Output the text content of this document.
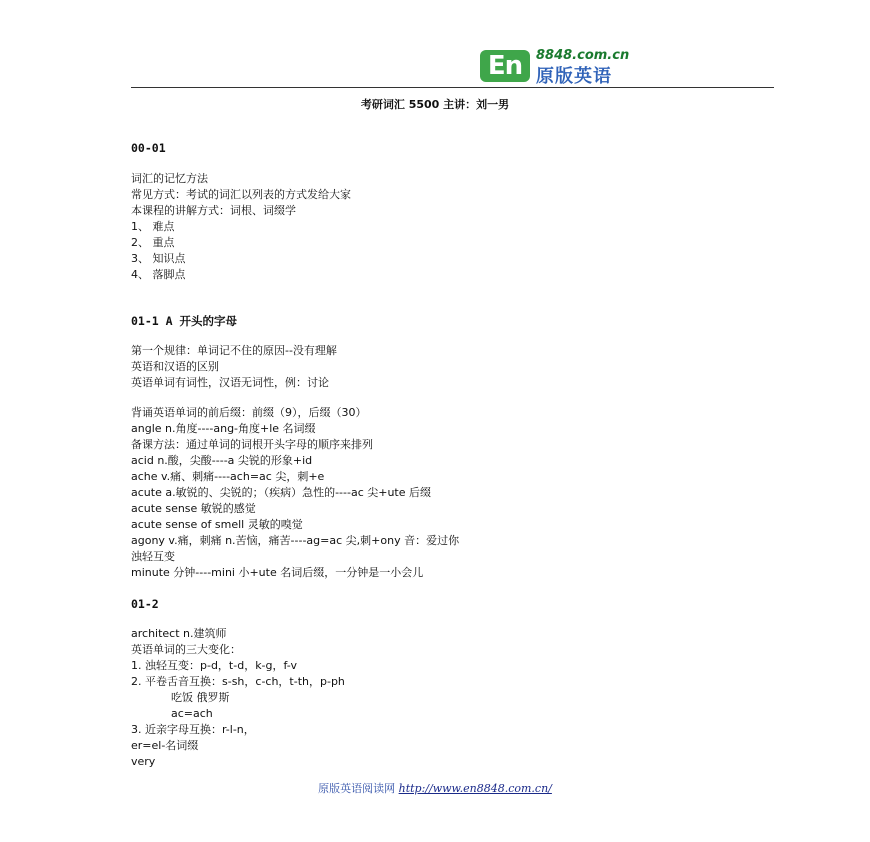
En	8848.com.cn
原版英语
考研词汇 5500 主讲：刘一男
00-01
词汇的记忆方法
常见方式：考试的词汇以列表的方式发给大家
本课程的讲解方式：词根、词缀学
1、 难点
2、 重点
3、 知识点
4、 落脚点
01-1 A 开头的字母
第一个规律：单词记不住的原因--没有理解
英语和汉语的区别
英语单词有词性，汉语无词性，例：讨论
背诵英语单词的前后缀：前缀（9），后缀（30）
angle n.角度----ang-角度+le 名词缀
备课方法：通过单词的词根开头字母的顺序来排列
acid n.酸，尖酸----a 尖锐的形象+id
ache v.痛、刺痛----ach=ac 尖，刺+e
acute a.敏锐的、尖锐的；（疾病）急性的----ac 尖+ute 后缀
acute sense 敏锐的感觉
acute sense of smell 灵敏的嗅觉
agony v.痛，刺痛 n.苦恼，痛苦----ag=ac 尖,刺+ony 音：爱过你
浊轻互变
minute 分钟----mini 小+ute 名词后缀，一分钟是一小会儿
01-2
architect n.建筑师
英语单词的三大变化：
1. 浊轻互变：p-d，t-d，k-g，f-v
2. 平卷舌音互换：s-sh，c-ch，t-th，p-ph
吃饭 俄罗斯
ac=ach
3. 近亲字母互换：r-l-n，
er=el-名词缀
very
原版英语阅读网 http://www.en8848.com.cn/
